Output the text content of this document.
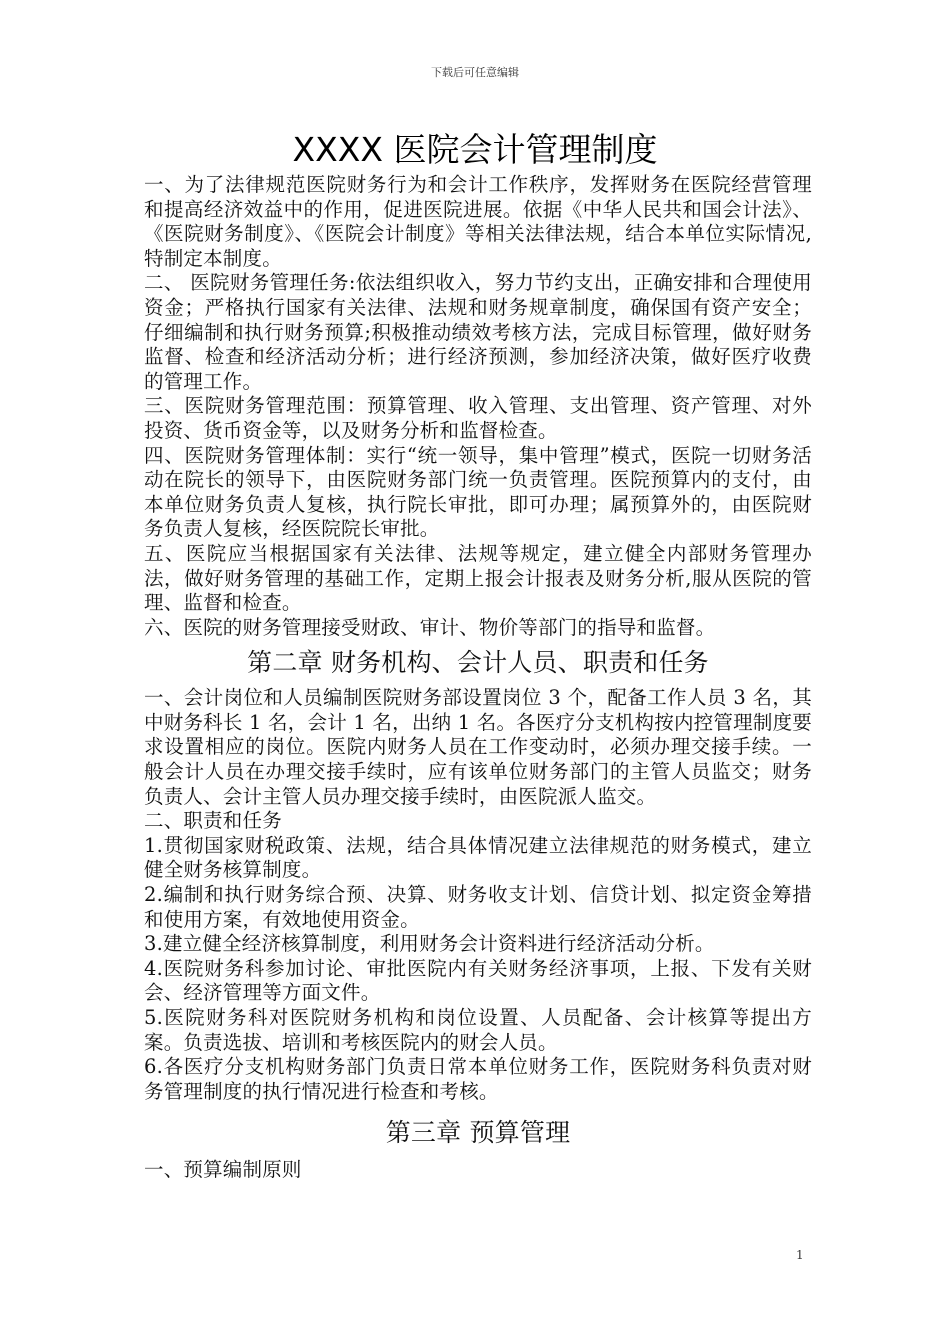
下载后可任意编辑
XXXX 医院会计管理制度

一、为了法律规范医院财务行为和会计工作秩序，发挥财务在医院经营管理和提高经济效益中的作用，促进医院进展。依据《中华人民共和国会计法》、《医院财务制度》、《医院会计制度》等相关法律法规，结合本单位实际情况,特制定本制度。

二、 医院财务管理任务:依法组织收入，努力节约支出，正确安排和合理使用资金；严格执行国家有关法律、法规和财务规章制度，确保国有资产安全；仔细编制和执行财务预算;积极推动绩效考核方法，完成目标管理，做好财务监督、检查和经济活动分析；进行经济预测，参加经济决策，做好医疗收费的管理工作。

三、医院财务管理范围：预算管理、收入管理、支出管理、资产管理、对外投资、货币资金等，以及财务分析和监督检查。

四、医院财务管理体制：实行“统一领导，集中管理”模式，医院一切财务活动在院长的领导下，由医院财务部门统一负责管理。医院预算内的支付，由本单位财务负责人复核，执行院长审批，即可办理；属预算外的，由医院财务负责人复核，经医院院长审批。

五、医院应当根据国家有关法律、法规等规定，建立健全内部财务管理办法，做好财务管理的基础工作，定期上报会计报表及财务分析,服从医院的管理、监督和检查。

六、医院的财务管理接受财政、审计、物价等部门的指导和监督。

第二章 财务机构、会计人员、职责和任务

一、会计岗位和人员编制医院财务部设置岗位 3 个，配备工作人员 3 名，其中财务科长 1 名，会计 1 名，出纳 1 名。各医疗分支机构按内控管理制度要求设置相应的岗位。医院内财务人员在工作变动时，必须办理交接手续。一般会计人员在办理交接手续时，应有该单位财务部门的主管人员监交；财务负责人、会计主管人员办理交接手续时，由医院派人监交。

二、职责和任务

1.贯彻国家财税政策、法规，结合具体情况建立法律规范的财务模式，建立健全财务核算制度。

2.编制和执行财务综合预、决算、财务收支计划、信贷计划、拟定资金筹措和使用方案，有效地使用资金。

3.建立健全经济核算制度，利用财务会计资料进行经济活动分析。

4.医院财务科参加讨论、审批医院内有关财务经济事项，上报、下发有关财会、经济管理等方面文件。

5.医院财务科对医院财务机构和岗位设置、人员配备、会计核算等提出方案。负责选拔、培训和考核医院内的财会人员。

6.各医疗分支机构财务部门负责日常本单位财务工作，医院财务科负责对财务管理制度的执行情况进行检查和考核。

第三章 预算管理

一、预算编制原则

1
